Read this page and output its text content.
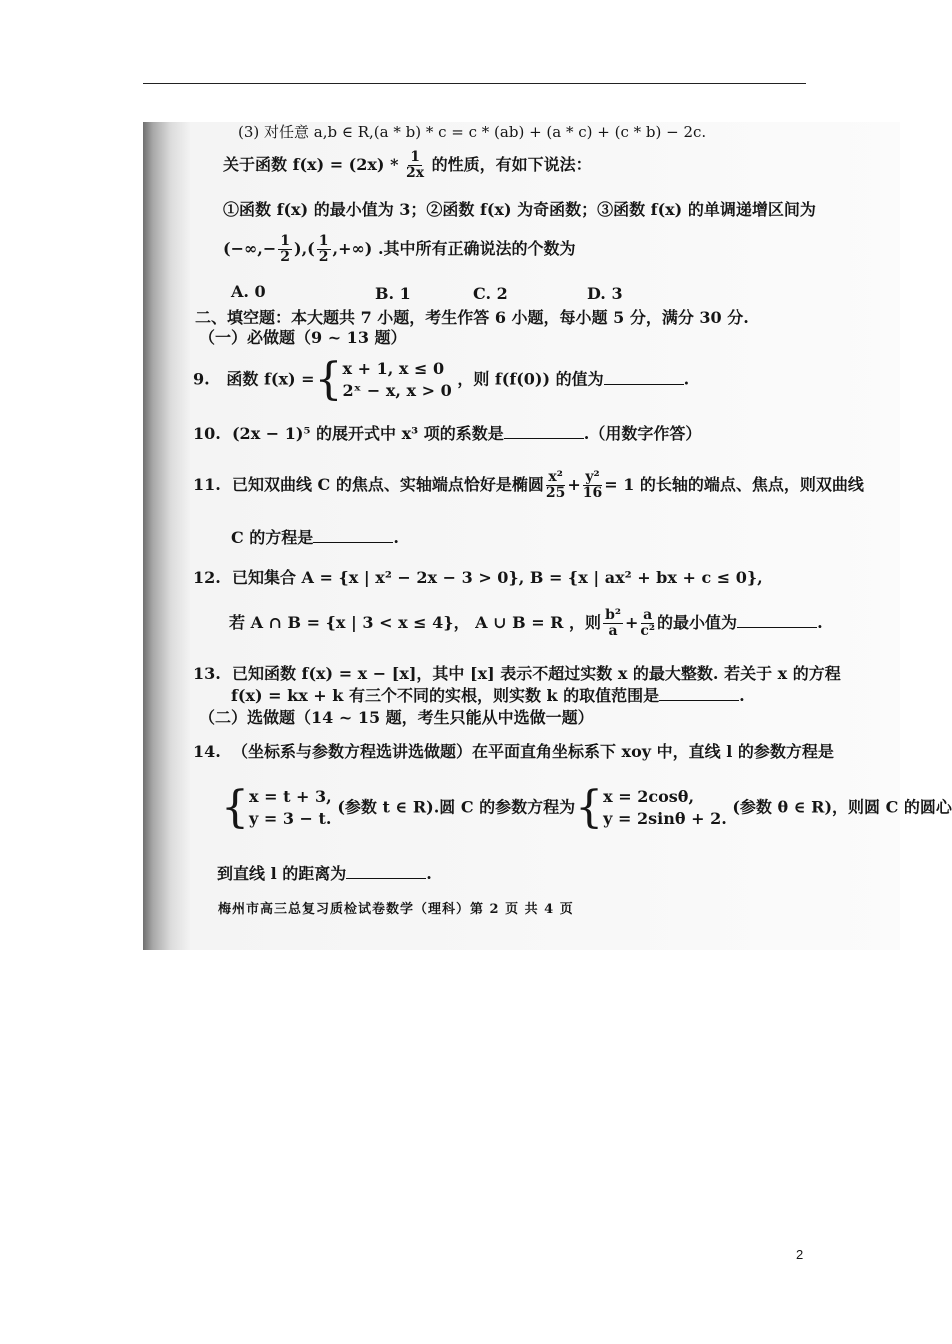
(3) 对任意 a,b ∈ R,(a * b) * c = c * (ab) + (a * c) + (c * b) − 2c.
关于函数 $f(x) = (2x) * \frac{1}{2x}$ 的性质，有如下说法：
①函数 f(x) 的最小值为 3；②函数 f(x) 为奇函数；③函数 f(x) 的单调递增区间为
(−∞,− $\frac{1}{2}$ ),( $\frac{1}{2}$ ,+∞) .其中所有正确说法的个数为
A. 0	B. 1	C. 2	D. 3
二、填空题：本大题共 7 小题，考生作答 6 小题，每小题 5 分，满分 30 分.
（一）必做题（9 ~ 13 题）
9. 函数 f(x) ={ x + 1, x ≤ 0
2ˣ − x, x > 0
，则 f(f(0)) 的值为	.
10. (2x − 1)⁵ 的展开式中 x³ 项的系数是	.（用数字作答）
11. 已知双曲线 C 的焦点、实轴端点恰好是椭圆 $\frac{\text{x²}}{25} + \frac{\text{y²}}{16} = 1$ 的长轴的端点、焦点，则双曲线
C 的方程是	.
12. 已知集合 A = {x | x² − 2x − 3 > 0}, B = {x | ax² + bx + c ≤ 0},
若 A ∩ B = {x | 3 < x ≤ 4}， A ∪ B = R ，则 $\frac{\text{b²}}{a} + \frac{a}{\text{c²}}$ 的最小值为	.
13. 已知函数 f(x) = x − [x]，其中 [x] 表示不超过实数 x 的最大整数. 若关于 x 的方程
f(x) = kx + k 有三个不同的实根，则实数 k 的取值范围是	.
（二）选做题（14 ~ 15 题，考生只能从中选做一题）
14. （坐标系与参数方程选讲选做题）在平面直角坐标系下 xoy 中，直线 l 的参数方程是
{ x = t + 3,
y = 3 − t.
(参数 t ∈ R).圆 C 的参数方程为{ x = 2cosθ,
y = 2sinθ + 2.
(参数 θ ∈ R)，则圆 C 的圆心
到直线 l 的距离为	.
梅州市高三总复习质检试卷数学（理科）第 2 页 共 4 页
2
